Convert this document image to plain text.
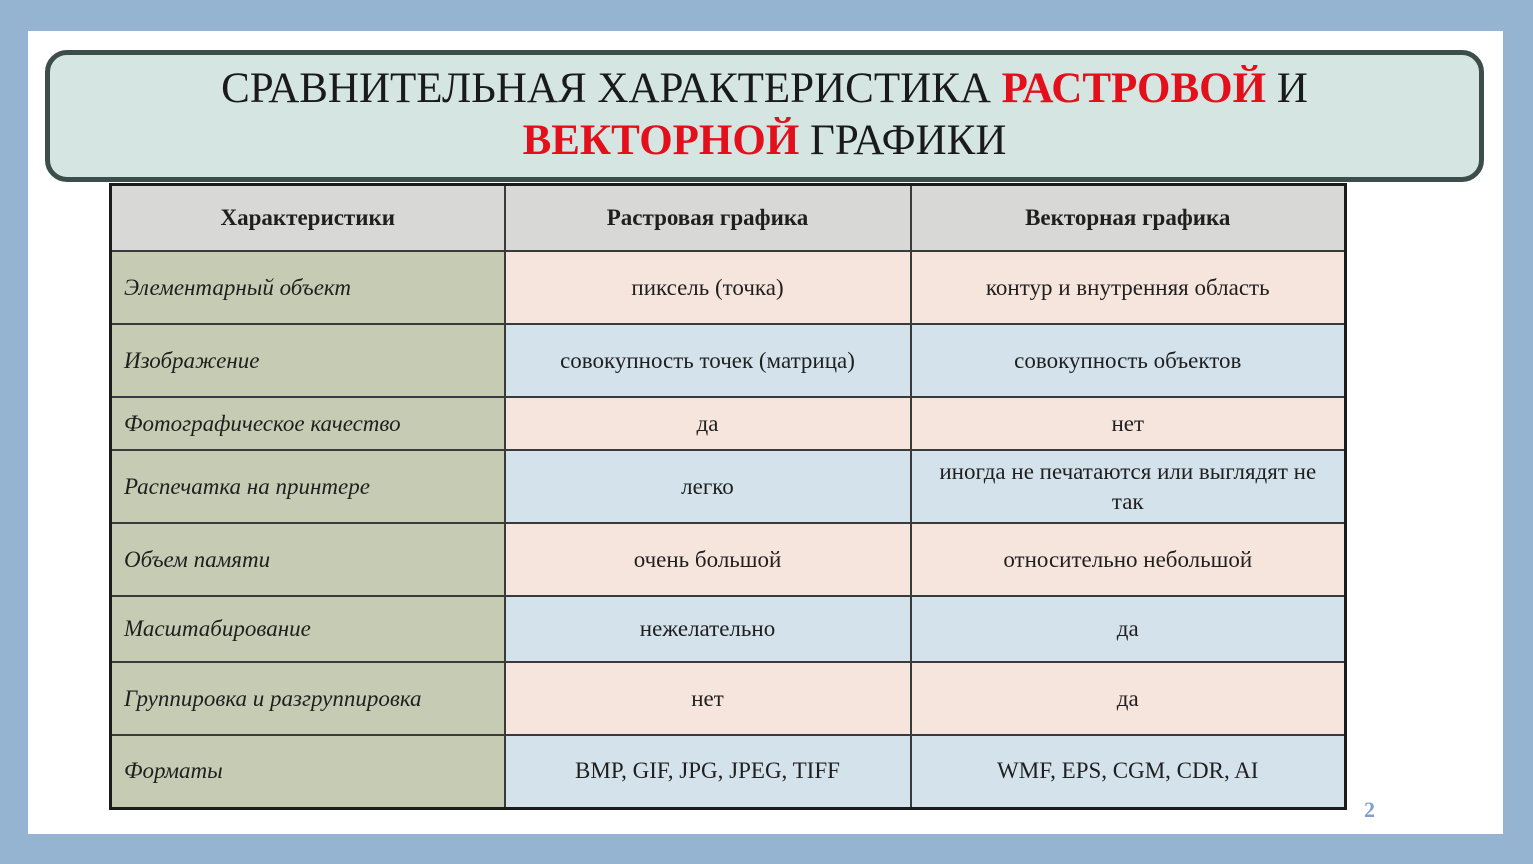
СРАВНИТЕЛЬНАЯ ХАРАКТЕРИСТИКА РАСТРОВОЙ И
ВЕКТОРНОЙ ГРАФИКИ
Характеристики	Растровая графика	Векторная графика
Элементарный объект	пиксель (точка)	контур и внутренняя область
Изображение	совокупность точек (матрица)	совокупность объектов
Фотографическое качество	да	нет
Распечатка на принтере	легко	иногда не печатаются или выглядят не так
Объем памяти	очень большой	относительно небольшой
Масштабирование	нежелательно	да
Группировка и разгруппировка	нет	да
Форматы	BMP, GIF, JPG, JPEG, TIFF	WMF, EPS, CGM, CDR, AI
2
